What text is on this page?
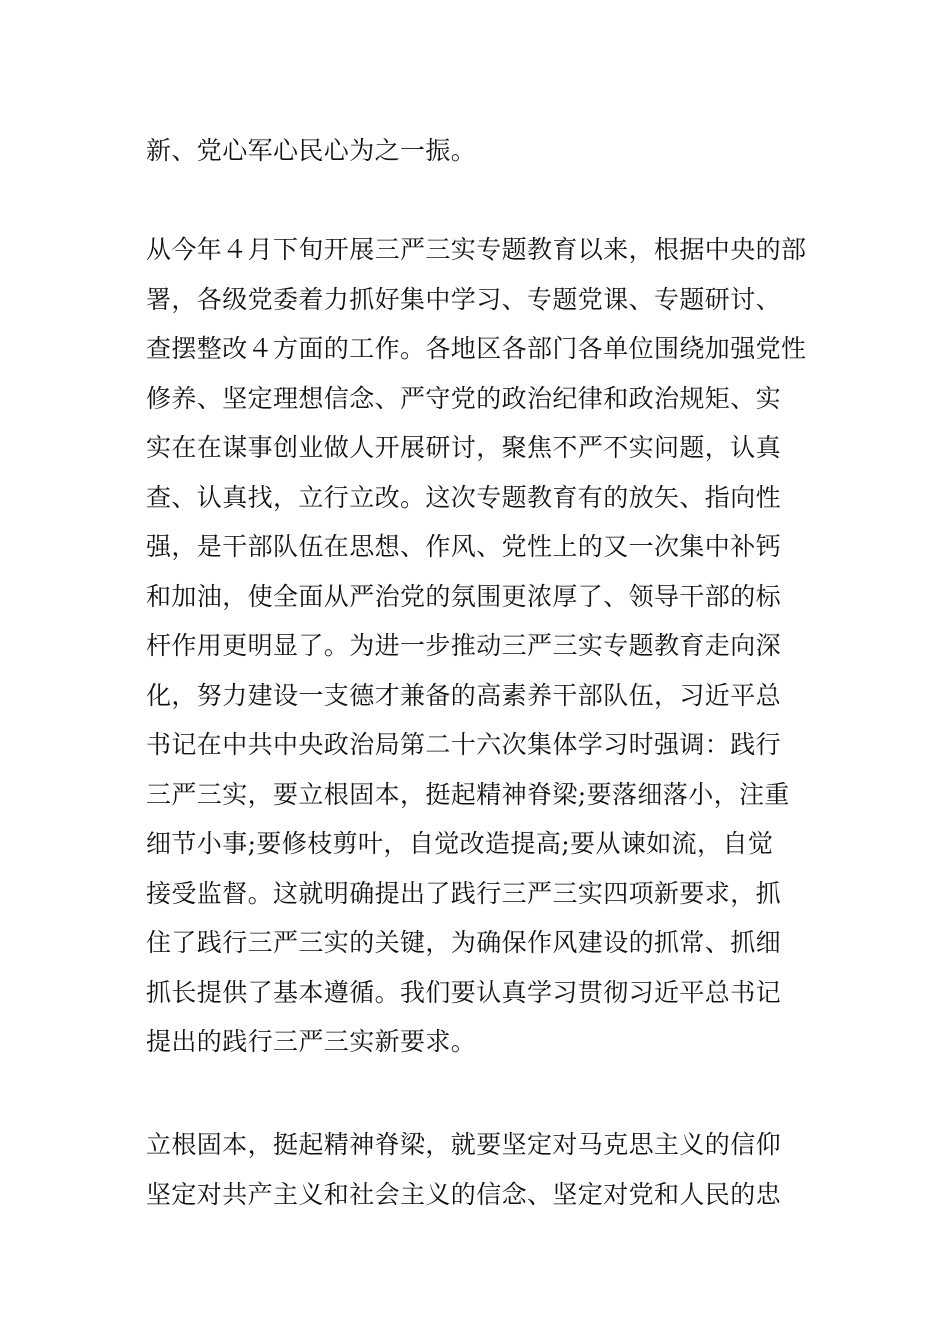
新、党心军心民心为之一振。
从今年４月下旬开展三严三实专题教育以来，根据中央的部
署，各级党委着力抓好集中学习、专题党课、专题研讨、
查摆整改４方面的工作。各地区各部门各单位围绕加强党性
修养、坚定理想信念、严守党的政治纪律和政治规矩、实
实在在谋事创业做人开展研讨，聚焦不严不实问题，认真
查、认真找，立行立改。这次专题教育有的放矢、指向性
强，是干部队伍在思想、作风、党性上的又一次集中补钙
和加油，使全面从严治党的氛围更浓厚了、领导干部的标
杆作用更明显了。为进一步推动三严三实专题教育走向深
化，努力建设一支德才兼备的高素养干部队伍，习近平总
书记在中共中央政治局第二十六次集体学习时强调：践行
三严三实，要立根固本，挺起精神脊梁;要落细落小，注重
细节小事;要修枝剪叶，自觉改造提高;要从谏如流，自觉
接受监督。这就明确提出了践行三严三实四项新要求，抓
住了践行三严三实的关键，为确保作风建设的抓常、抓细
抓长提供了基本遵循。我们要认真学习贯彻习近平总书记
提出的践行三严三实新要求。
立根固本，挺起精神脊梁，就要坚定对马克思主义的信仰
坚定对共产主义和社会主义的信念、坚定对党和人民的忠
